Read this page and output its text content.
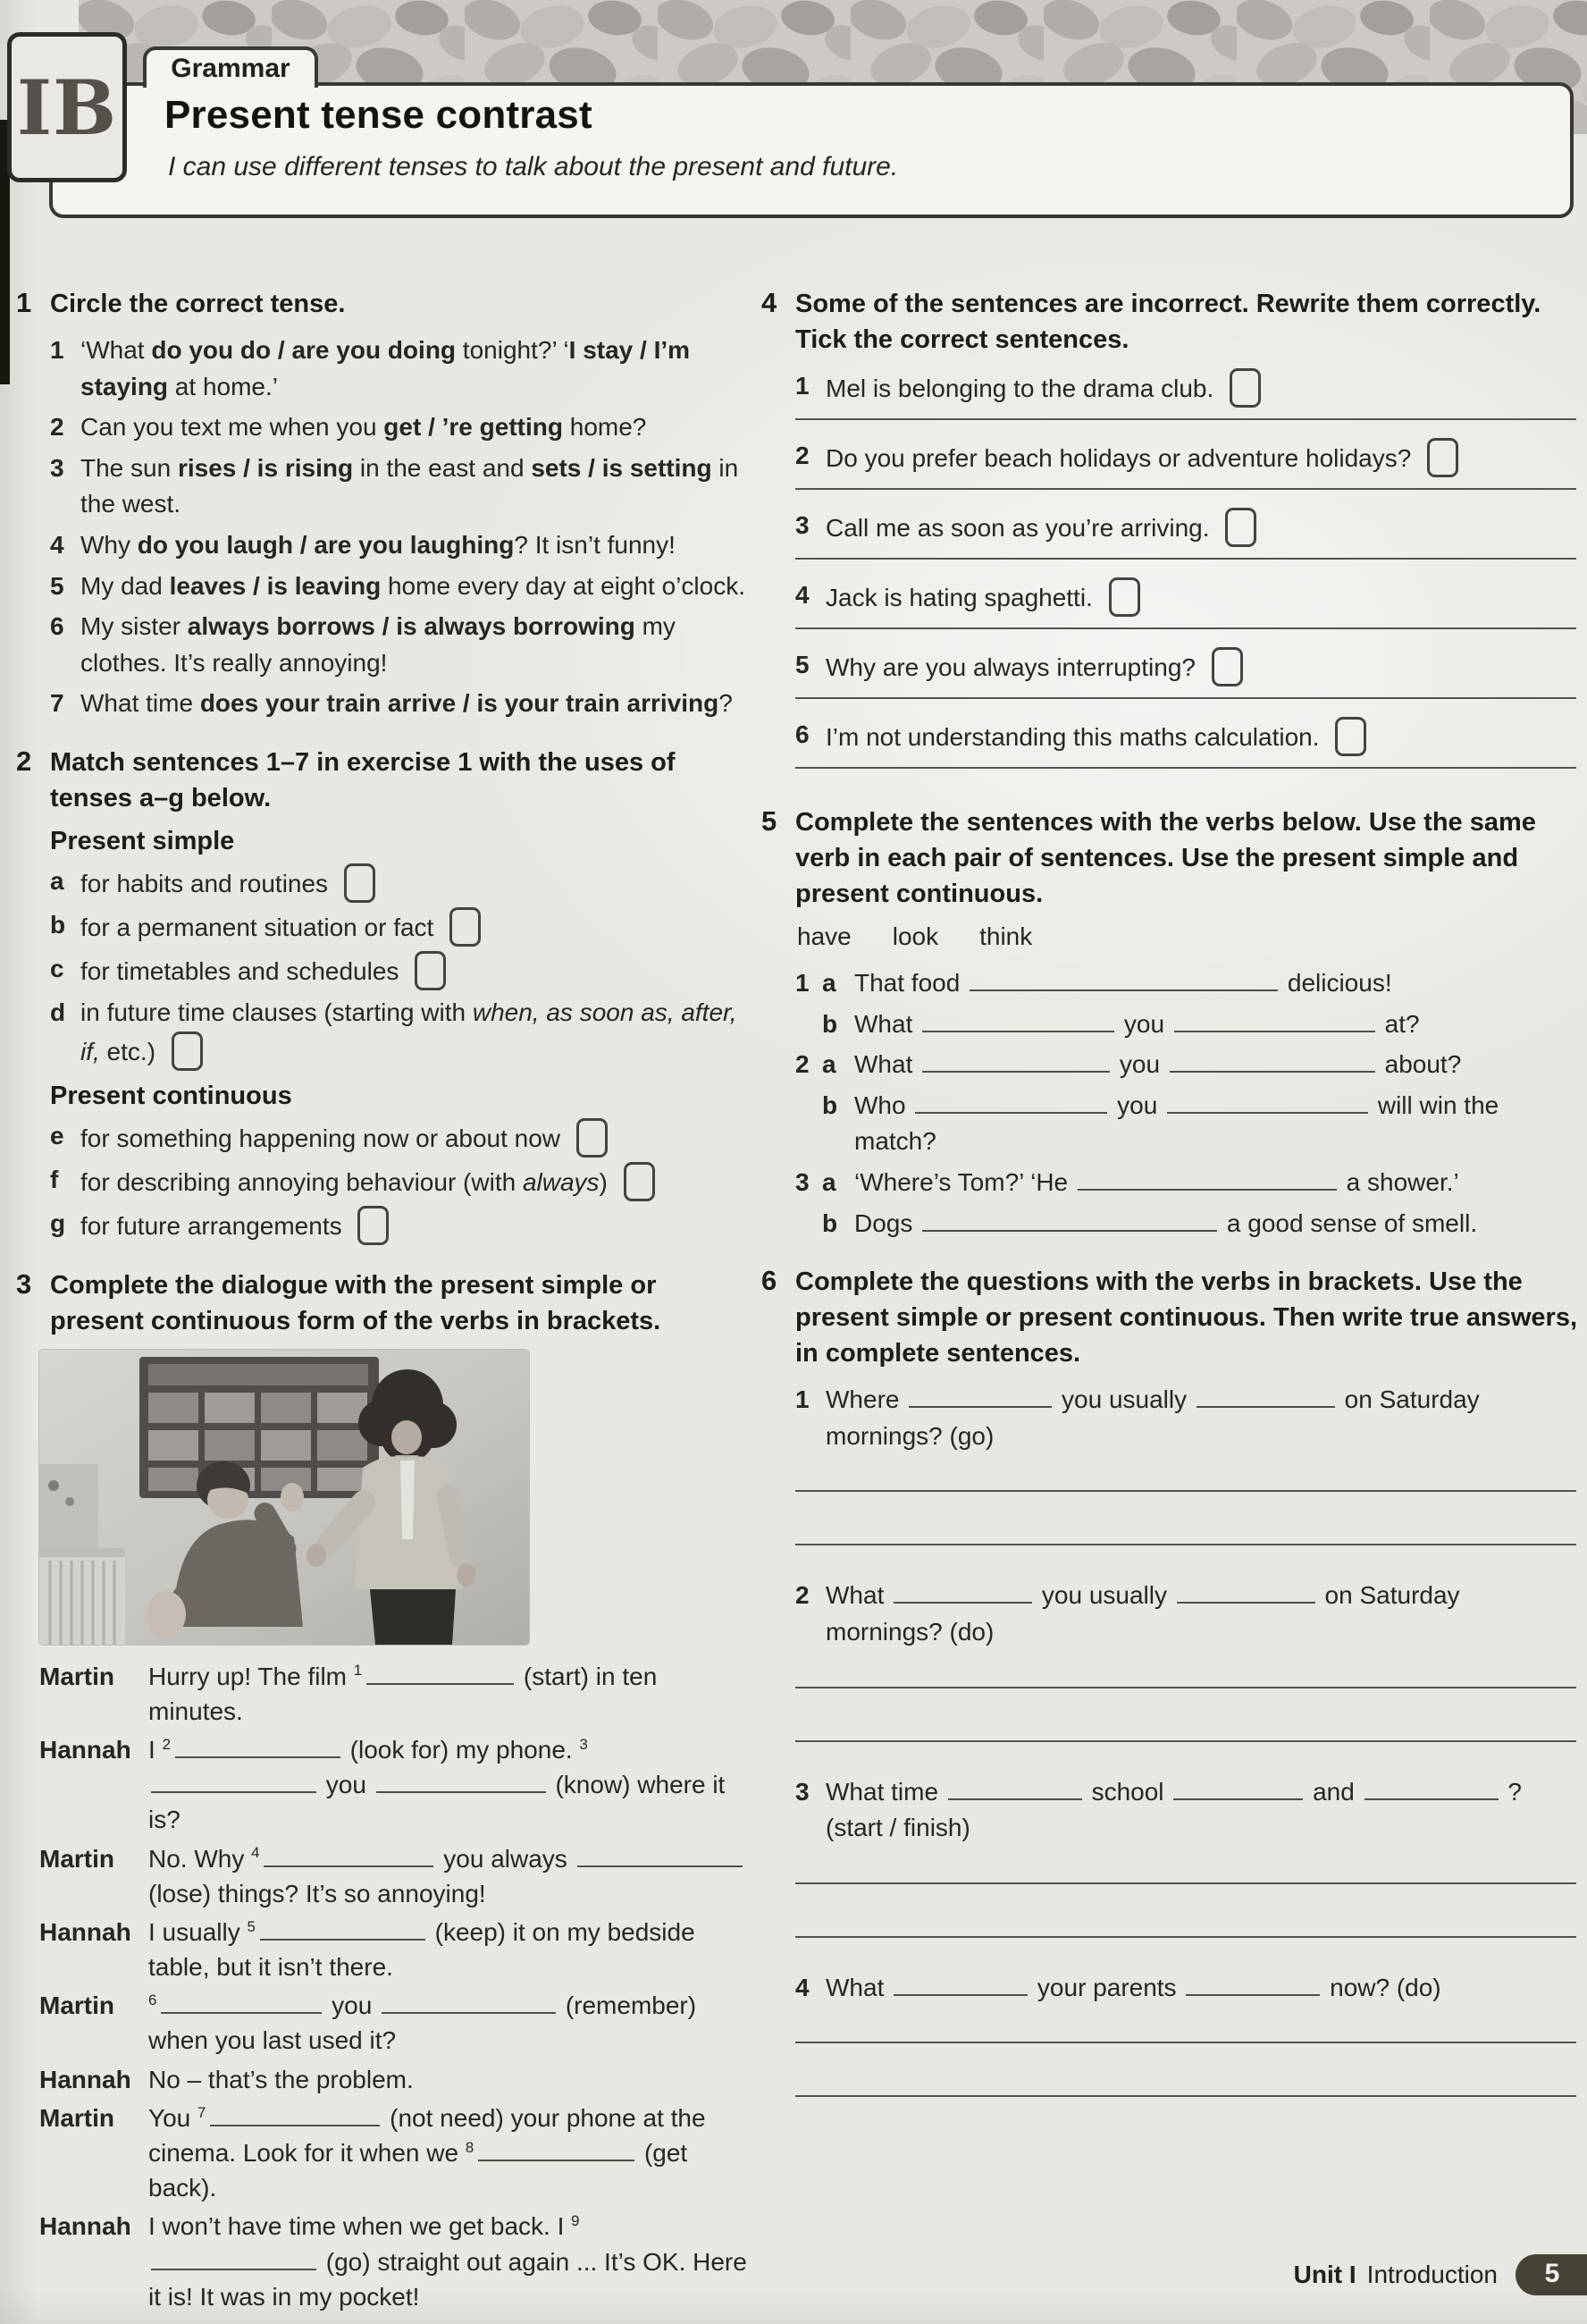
Grammar
Present tense contrast
I can use different tenses to talk about the present and future.
IB
1 Circle the correct tense.
1 ‘What do you do / are you doing tonight?’ ‘I stay / I’m staying at home.’
2 Can you text me when you get / ’re getting home?
3 The sun rises / is rising in the east and sets / is setting in the west.
4 Why do you laugh / are you laughing? It isn’t funny!
5 My dad leaves / is leaving home every day at eight o’clock.
6 My sister always borrows / is always borrowing my clothes. It’s really annoying!
7 What time does your train arrive / is your train arriving?
2 Match sentences 1–7 in exercise 1 with the uses of tenses a–g below.
Present simple
a for habits and routines
b for a permanent situation or fact
c for timetables and schedules
d in future time clauses (starting with when, as soon as, after, if, etc.)
Present continuous
e for something happening now or about now
f for describing annoying behaviour (with always)
g for future arrangements
3 Complete the dialogue with the present simple or present continuous form of the verbs in brackets.
Martin	Hurry up! The film $^1$	(start) in ten minutes.
Hannah I $^2$	(look for) my phone. $^3$ you	(know) where it is?
Martin	No. Why $^4$	you always  (lose) things? It’s so annoying!
Hannah I usually $^5$	(keep) it on my bedside table, but it isn’t there.
Martin	$^6$	you	(remember) when you last used it?
Hannah No – that’s the problem.
Martin	You $^7$	(not need) your phone at the cinema. Look for it when we $^8$	(get back).
Hannah I won’t have time when we get back. I $^9$ (go) straight out again ... It’s OK. Here it is! It was in my pocket!
4 Some of the sentences are incorrect. Rewrite them correctly. Tick the correct sentences.
1 Mel is belonging to the drama club.
2 Do you prefer beach holidays or adventure holidays?
3 Call me as soon as you’re arriving.
4 Jack is hating spaghetti.
5 Why are you always interrupting?
6 I’m not understanding this maths calculation.
5 Complete the sentences with the verbs below. Use the same verb in each pair of sentences. Use the present simple and present continuous.
have look think
1 a That food	delicious!
b What	you	at?
2 a What	you	about?
b Who	you	will win the match?
3 a ‘Where’s Tom?’ ‘He	a shower.’
b Dogs	a good sense of smell.
6 Complete the questions with the verbs in brackets. Use the present simple or present continuous. Then write true answers, in complete sentences.
1 Where	you usually	on Saturday mornings? (go)
2 What	you usually	on Saturday mornings? (do)
3 What time	school	and	? (start / finish)
4 What	your parents	now? (do)
Unit I Introduction	5
